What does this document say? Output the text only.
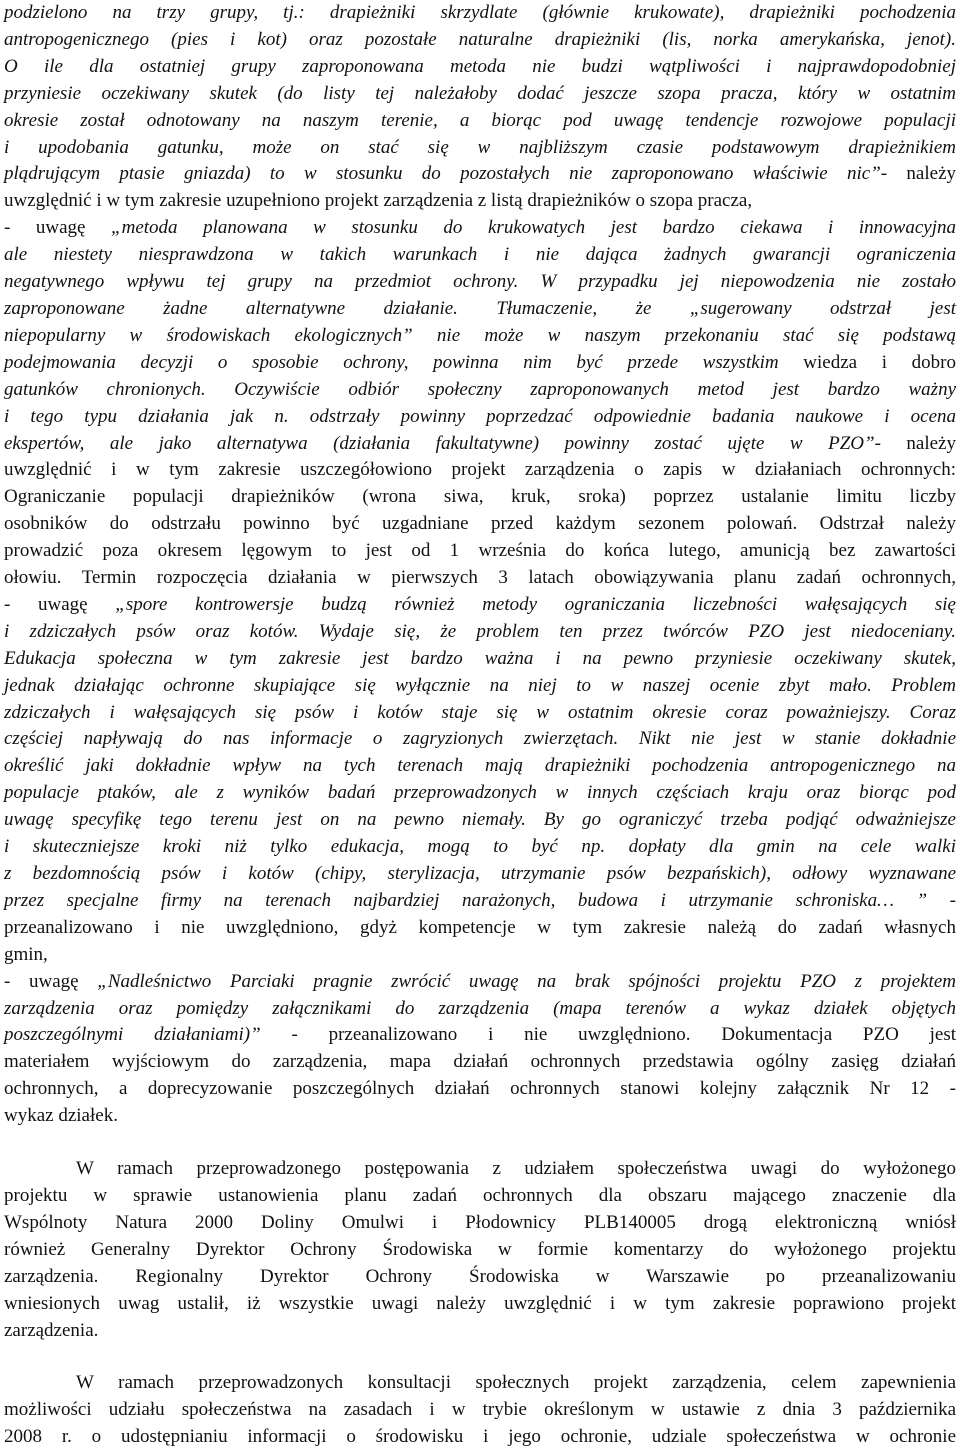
podzielono na trzy grupy, tj.: drapieżniki skrzydlate (głównie krukowate), drapieżniki pochodzenia

antropogenicznego (pies i kot) oraz pozostałe naturalne drapieżniki (lis, norka amerykańska, jenot).

O ile dla ostatniej grupy zaproponowana metoda nie budzi wątpliwości i najprawdopodobniej

przyniesie oczekiwany skutek (do listy tej należałoby dodać jeszcze szopa pracza, który w ostatnim

okresie został odnotowany na naszym terenie, a biorąc pod uwagę tendencje rozwojowe populacji

i upodobania gatunku, może on stać się w najbliższym czasie podstawowym drapieżnikiem

plądrującym ptasie gniazda) to w stosunku do pozostałych nie zaproponowano właściwie nic”- należy

uwzględnić i w tym zakresie uzupełniono projekt zarządzenia z listą drapieżników o szopa pracza,

- uwagę „metoda planowana w stosunku do krukowatych jest bardzo ciekawa i innowacyjna

ale niestety niesprawdzona w takich warunkach i nie dająca żadnych gwarancji ograniczenia

negatywnego wpływu tej grupy na przedmiot ochrony. W przypadku jej niepowodzenia nie zostało

zaproponowane żadne alternatywne działanie. Tłumaczenie, że „sugerowany odstrzał jest

niepopularny w środowiskach ekologicznych” nie może w naszym przekonaniu stać się podstawą

podejmowania decyzji o sposobie ochrony, powinna nim być przede wszystkim wiedza i dobro

gatunków chronionych. Oczywiście odbiór społeczny zaproponowanych metod jest bardzo ważny

i tego typu działania jak n. odstrzały powinny poprzedzać odpowiednie badania naukowe i ocena

ekspertów, ale jako alternatywa (działania fakultatywne) powinny zostać ujęte w PZO”- należy

uwzględnić i w tym zakresie uszczegółowiono projekt zarządzenia o zapis w działaniach ochronnych:

Ograniczanie populacji drapieżników (wrona siwa, kruk, sroka) poprzez ustalanie limitu liczby

osobników do odstrzału powinno być uzgadniane przed każdym sezonem polowań. Odstrzał należy

prowadzić poza okresem lęgowym to jest od 1 września do końca lutego, amunicją bez zawartości

ołowiu. Termin rozpoczęcia działania w pierwszych 3 latach obowiązywania planu zadań ochronnych,

- uwagę „spore kontrowersje budzą również metody ograniczania liczebności wałęsających się

i zdziczałych psów oraz kotów. Wydaje się, że problem ten przez twórców PZO jest niedoceniany.

Edukacja społeczna w tym zakresie jest bardzo ważna i na pewno przyniesie oczekiwany skutek,

jednak działając ochronne skupiające się wyłącznie na niej to w naszej ocenie zbyt mało. Problem

zdziczałych i wałęsających się psów i kotów staje się w ostatnim okresie coraz poważniejszy. Coraz

częściej napływają do nas informacje o zagryzionych zwierzętach. Nikt nie jest w stanie dokładnie

określić jaki dokładnie wpływ na tych terenach mają drapieżniki pochodzenia antropogenicznego na

populacje ptaków, ale z wyników badań przeprowadzonych w innych częściach kraju oraz biorąc pod

uwagę specyfikę tego terenu jest on na pewno niemały. By go ograniczyć trzeba podjąć odważniejsze

i skuteczniejsze kroki niż tylko edukacja, mogą to być np. dopłaty dla gmin na cele walki

z bezdomnością psów i kotów (chipy, sterylizacja, utrzymanie psów bezpańskich), odłowy wyznawane

przez specjalne firmy na terenach najbardziej narażonych, budowa i utrzymanie schroniska… ” -

przeanalizowano i nie uwzględniono, gdyż kompetencje w tym zakresie należą do zadań własnych

gmin,

- uwagę „Nadleśnictwo Parciaki pragnie zwrócić uwagę na brak spójności projektu PZO z projektem

zarządzenia oraz pomiędzy załącznikami do zarządzenia (mapa terenów a wykaz działek objętych

poszczególnymi działaniami)” - przeanalizowano i nie uwzględniono. Dokumentacja PZO jest

materiałem wyjściowym do zarządzenia, mapa działań ochronnych przedstawia ogólny zasięg działań

ochronnych, a doprecyzowanie poszczególnych działań ochronnych stanowi kolejny załącznik Nr 12 -

wykaz działek.

W ramach przeprowadzonego postępowania z udziałem społeczeństwa uwagi do wyłożonego

projektu w sprawie ustanowienia planu zadań ochronnych dla obszaru mającego znaczenie dla

Wspólnoty Natura 2000 Doliny Omulwi i Płodownicy PLB140005 drogą elektroniczną wniósł

również Generalny Dyrektor Ochrony Środowiska w formie komentarzy do wyłożonego projektu

zarządzenia. Regionalny Dyrektor Ochrony Środowiska w Warszawie po przeanalizowaniu

wniesionych uwag ustalił, iż wszystkie uwagi należy uwzględnić i w tym zakresie poprawiono projekt

zarządzenia.

W ramach przeprowadzonych konsultacji społecznych projekt zarządzenia, celem zapewnienia

możliwości udziału społeczeństwa na zasadach i w trybie określonym w ustawie z dnia 3 października

2008 r. o udostępnianiu informacji o środowisku i jego ochronie, udziale społeczeństwa w ochronie
